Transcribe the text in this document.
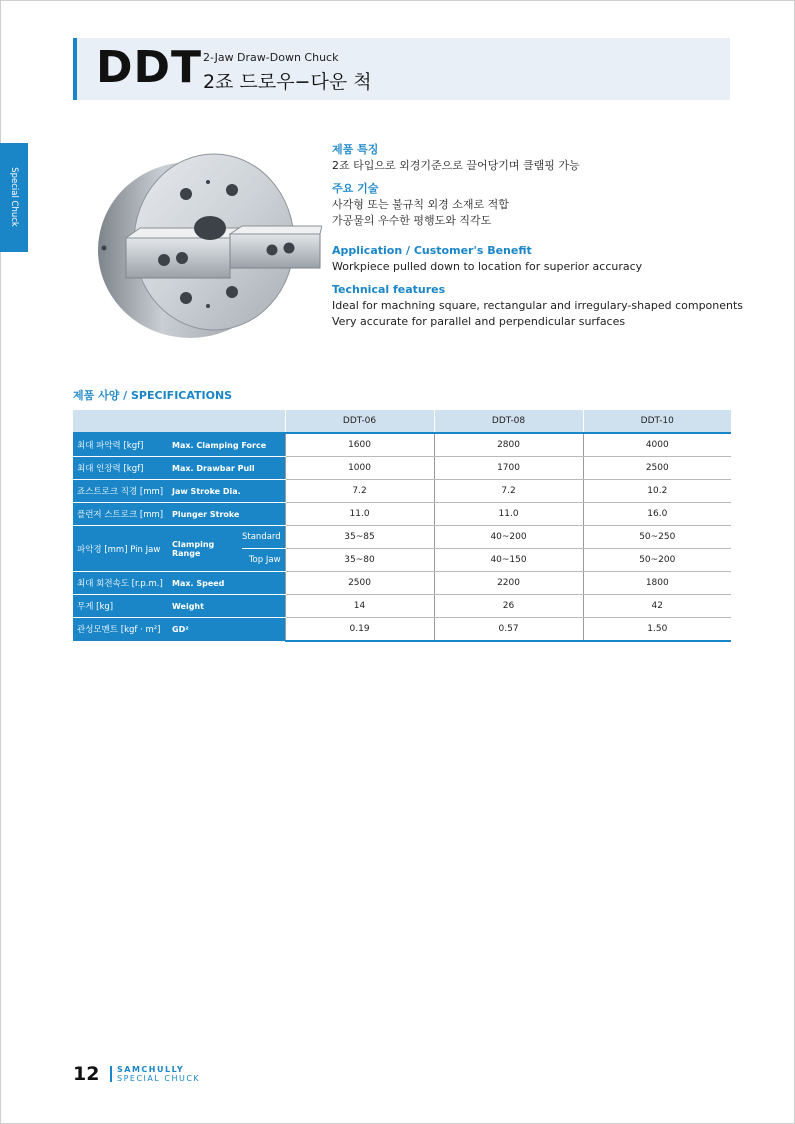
DDT 2-Jaw Draw-Down Chuck
2죠 드로우−다운 척
Special Chuck

제품 특징

2죠 타입으로 외경기준으로 끌어당기며 클램핑 가능

주요 기술

사각형 또는 불규칙 외경 소재로 적합

가공물의 우수한 평행도와 직각도

Application / Customer's Benefit

Workpiece pulled down to location for superior accuracy

Technical features

Ideal for machning square, rectangular and irregulary-shaped components

Very accurate for parallel and perpendicular surfaces

제품 사양 / SPECIFICATIONS
			DDT-06	DDT-08	DDT-10
최대 파악력 [kgf]	Max. Clamping Force		1600	2800	4000
최대 인장력 [kgf]	Max. Drawbar Pull		1000	1700	2500
죠스트로크 직경 [mm]	Jaw Stroke Dia.		7.2	7.2	10.2
플런저 스트로크 [mm]	Plunger Stroke		11.0	11.0	16.0
파악경 [mm] Pin Jaw	Clamping Range	Standard	35~85	40~200	50~250
		Top Jaw	35~80	40~150	50~200
최대 회전속도 [r.p.m.]	Max. Speed		2500	2200	1800
무게 [kg]	Weight		14	26	42
관성모멘트 [kgf · m²]	GD²		0.19	0.57	1.50
12 SAMCHULLY
SPECIAL CHUCK
